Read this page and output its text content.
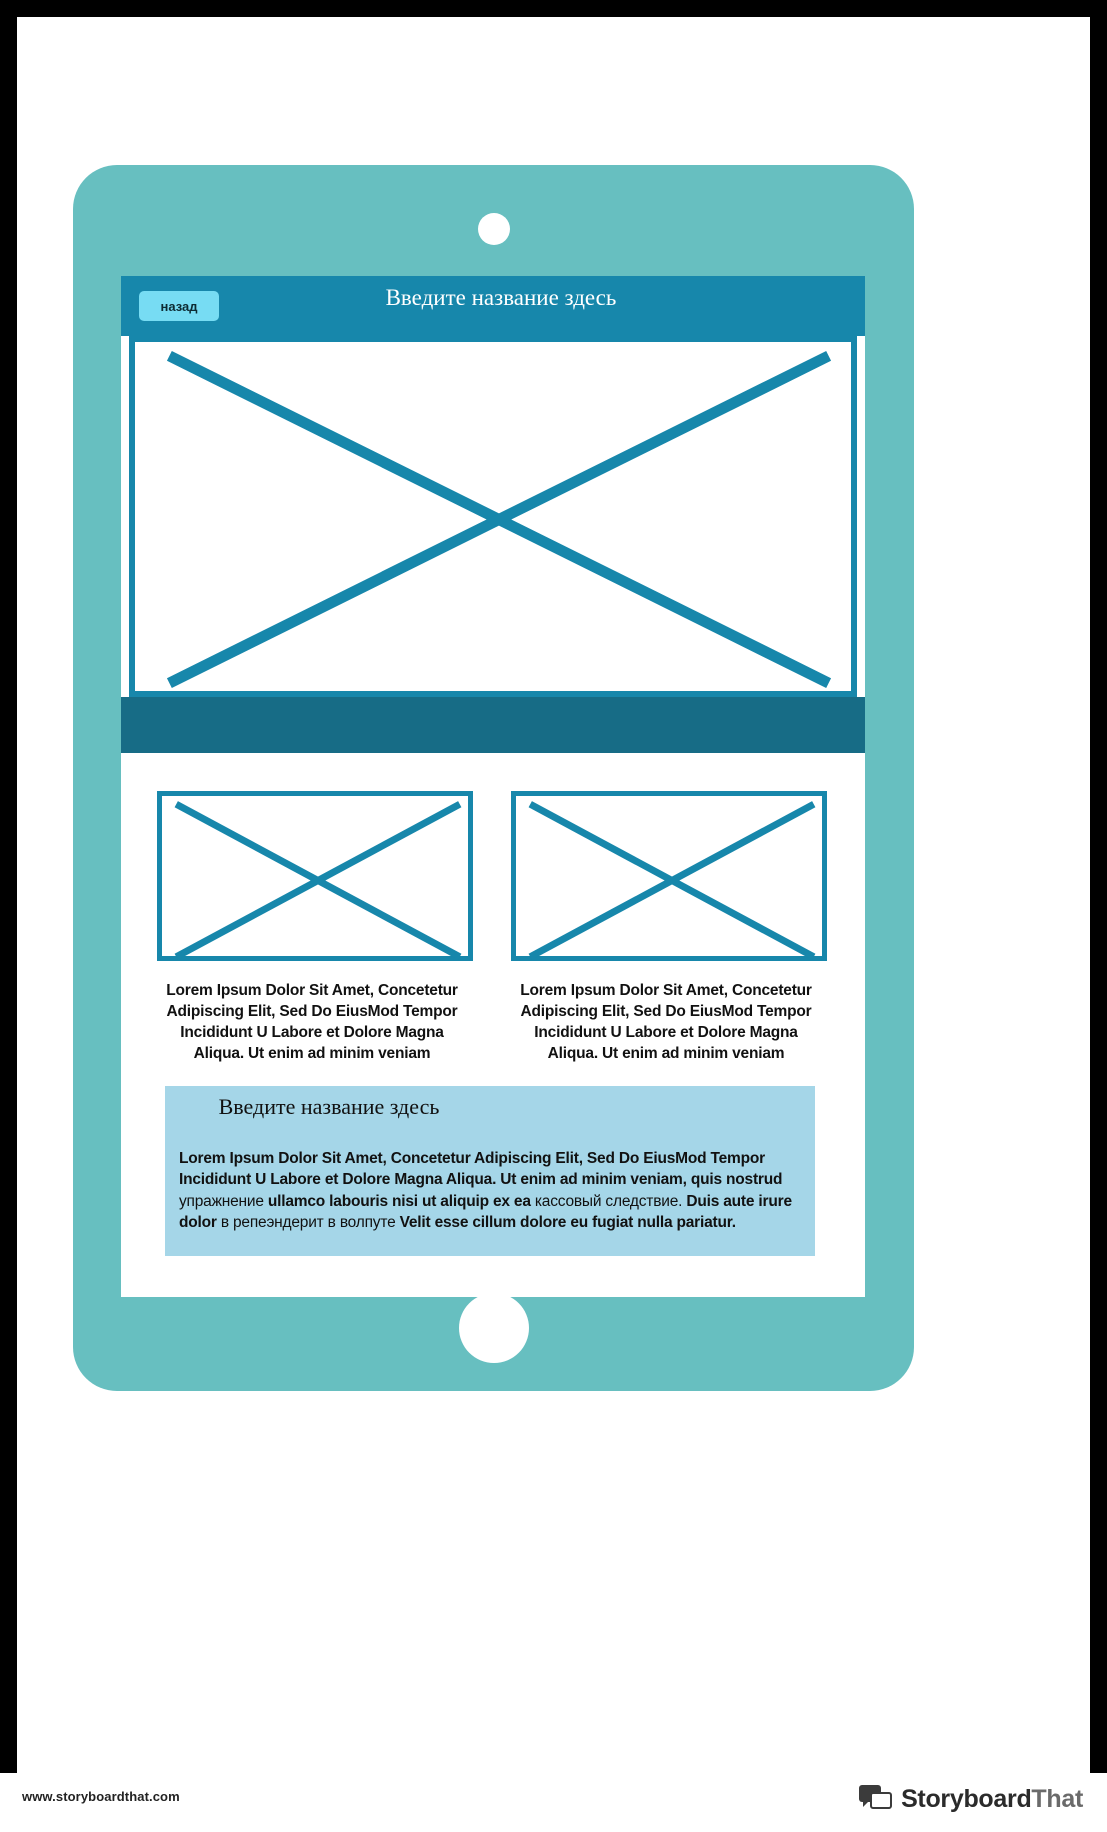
назад	Введите название здесь
Lorem Ipsum Dolor Sit Amet, Concetetur Adipiscing Elit, Sed Do EiusMod Tempor Incididunt U Labore et Dolore Magna Aliqua. Ut enim ad minim veniam
Lorem Ipsum Dolor Sit Amet, Concetetur Adipiscing Elit, Sed Do EiusMod Tempor Incididunt U Labore et Dolore Magna Aliqua. Ut enim ad minim veniam
Введите название здесь
Lorem Ipsum Dolor Sit Amet, Concetetur Adipiscing Elit, Sed Do EiusMod Tempor Incididunt U Labore et Dolore Magna Aliqua. Ut enim ad minim veniam, quis nostrud упражнение ullamco labouris nisi ut aliquip ex ea кассовый следствие. Duis aute irure dolor в репеэндерит в волпуте Velit esse cillum dolore eu fugiat nulla pariatur.
www.storyboardthat.com	StoryboardThat
